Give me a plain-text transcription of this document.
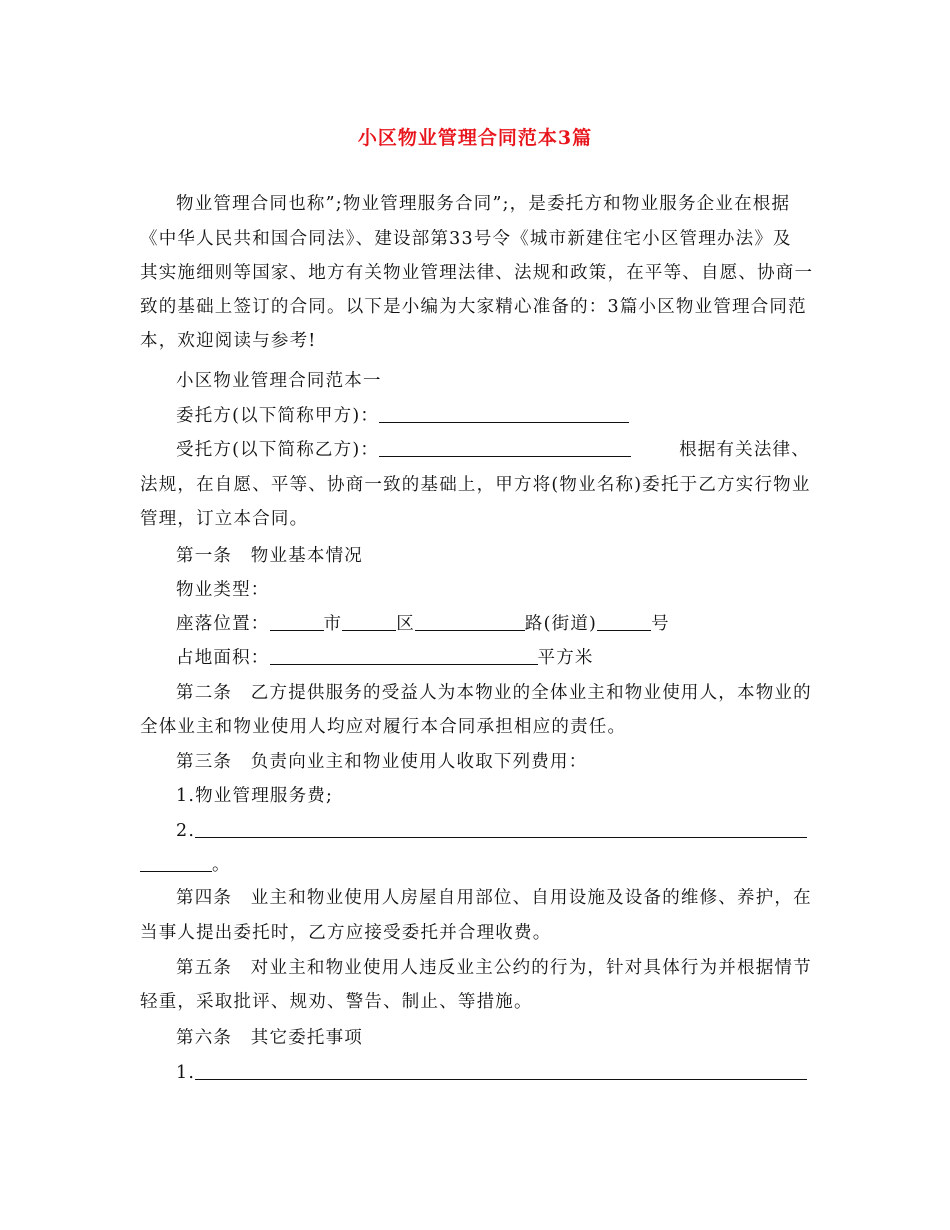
小区物业管理合同范本3篇
物业管理合同也称”;物业管理服务合同”;，是委托方和物业服务企业在根据
《中华人民共和国合同法》、建设部第33号令《城市新建住宅小区管理办法》及
其实施细则等国家、地方有关物业管理法律、法规和政策，在平等、自愿、协商一
致的基础上签订的合同。以下是小编为大家精心准备的：3篇小区物业管理合同范
本，欢迎阅读与参考!
小区物业管理合同范本一
委托方(以下简称甲方)：
受托方(以下简称乙方)：	根据有关法律、
法规，在自愿、平等、协商一致的基础上，甲方将(物业名称)委托于乙方实行物业
管理，订立本合同。
第一条　物业基本情况
物业类型：
座落位置：	市	区	路(街道)	号
占地面积：	平方米
第二条　乙方提供服务的受益人为本物业的全体业主和物业使用人，本物业的
全体业主和物业使用人均应对履行本合同承担相应的责任。
第三条　负责向业主和物业使用人收取下列费用：
1.物业管理服务费;
2.
。
第四条　业主和物业使用人房屋自用部位、自用设施及设备的维修、养护，在
当事人提出委托时，乙方应接受委托并合理收费。
第五条　对业主和物业使用人违反业主公约的行为，针对具体行为并根据情节
轻重，采取批评、规劝、警告、制止、等措施。
第六条　其它委托事项
1.
